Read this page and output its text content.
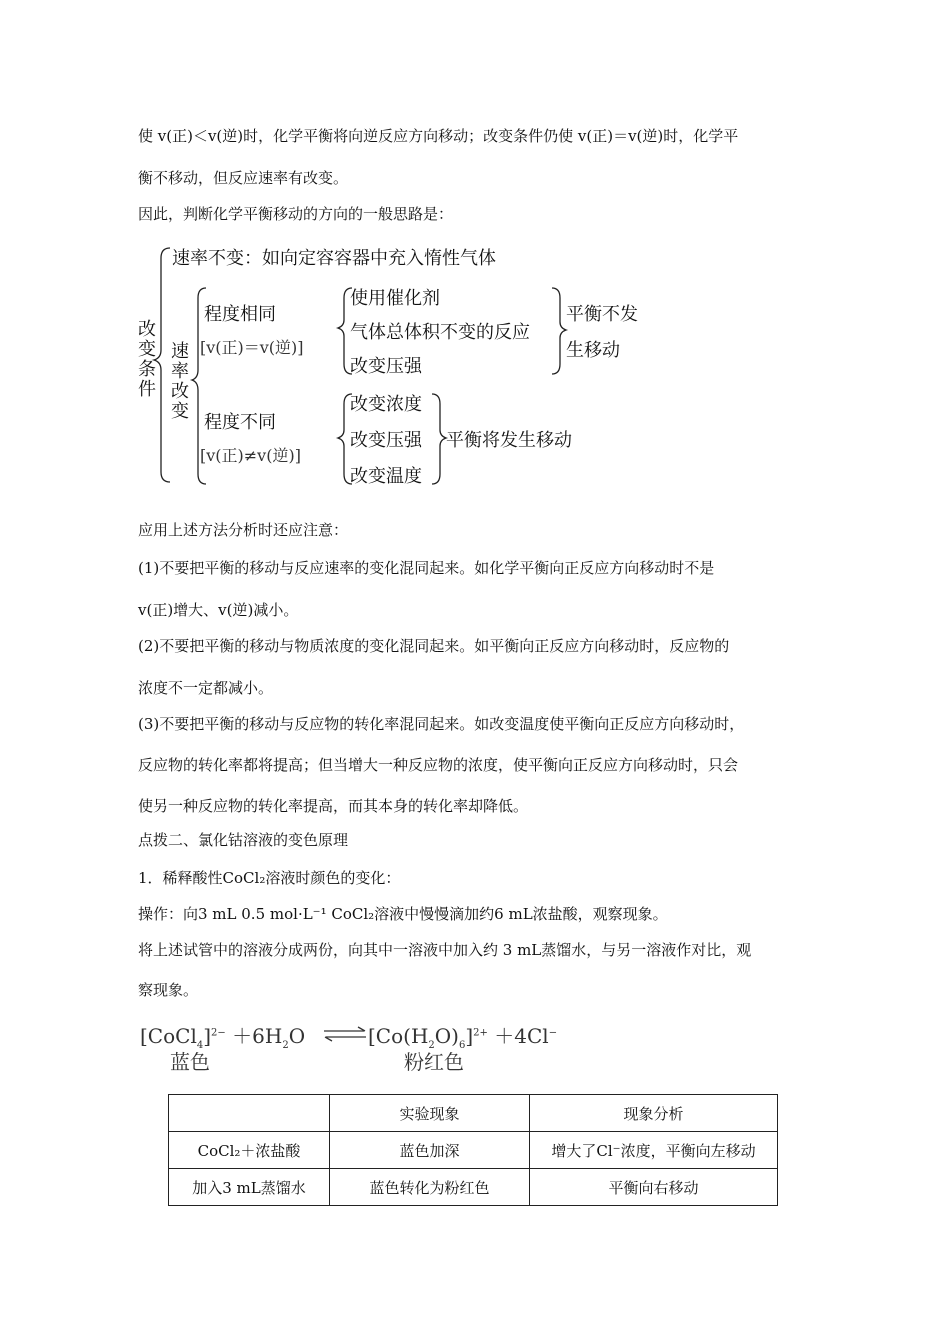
使 v(正)＜v(逆)时，化学平衡将向逆反应方向移动；改变条件仍使 v(正)＝v(逆)时，化学平
衡不移动，但反应速率有改变。
因此，判断化学平衡移动的方向的一般思路是：
改变条件
速率不变：如向定容容器中充入惰性气体
速率改变
程度相同
[v(正)＝v(逆)]
使用催化剂
气体总体积不变的反应
改变压强
平衡不发
生移动
程度不同
[v(正)≠v(逆)]
改变浓度
改变压强
改变温度
平衡将发生移动
应用上述方法分析时还应注意：
(1)不要把平衡的移动与反应速率的变化混同起来。如化学平衡向正反应方向移动时不是
v(正)增大、v(逆)减小。
(2)不要把平衡的移动与物质浓度的变化混同起来。如平衡向正反应方向移动时，反应物的
浓度不一定都减小。
(3)不要把平衡的移动与反应物的转化率混同起来。如改变温度使平衡向正反应方向移动时，
反应物的转化率都将提高；但当增大一种反应物的浓度，使平衡向正反应方向移动时，只会
使另一种反应物的转化率提高，而其本身的转化率却降低。
点拨二、氯化钴溶液的变色原理
1．稀释酸性CoCl₂溶液时颜色的变化：
操作：向3 mL 0.5 mol·L⁻¹ CoCl₂溶液中慢慢滴加约6 mL浓盐酸，观察现象。
将上述试管中的溶液分成两份，向其中一溶液中加入约 3 mL蒸馏水，与另一溶液作对比，观
察现象。
[CoCl$_4$]$^{2-}$ $+6H_2O$ ⇌ $[Co(H_2O)_6]^{2+} +4Cl^-$
蓝色	粉红色
	实验现象	现象分析
CoCl₂＋浓盐酸	蓝色加深	增大了Cl⁻浓度，平衡向左移动
加入3 mL蒸馏水	蓝色转化为粉红色	平衡向右移动
